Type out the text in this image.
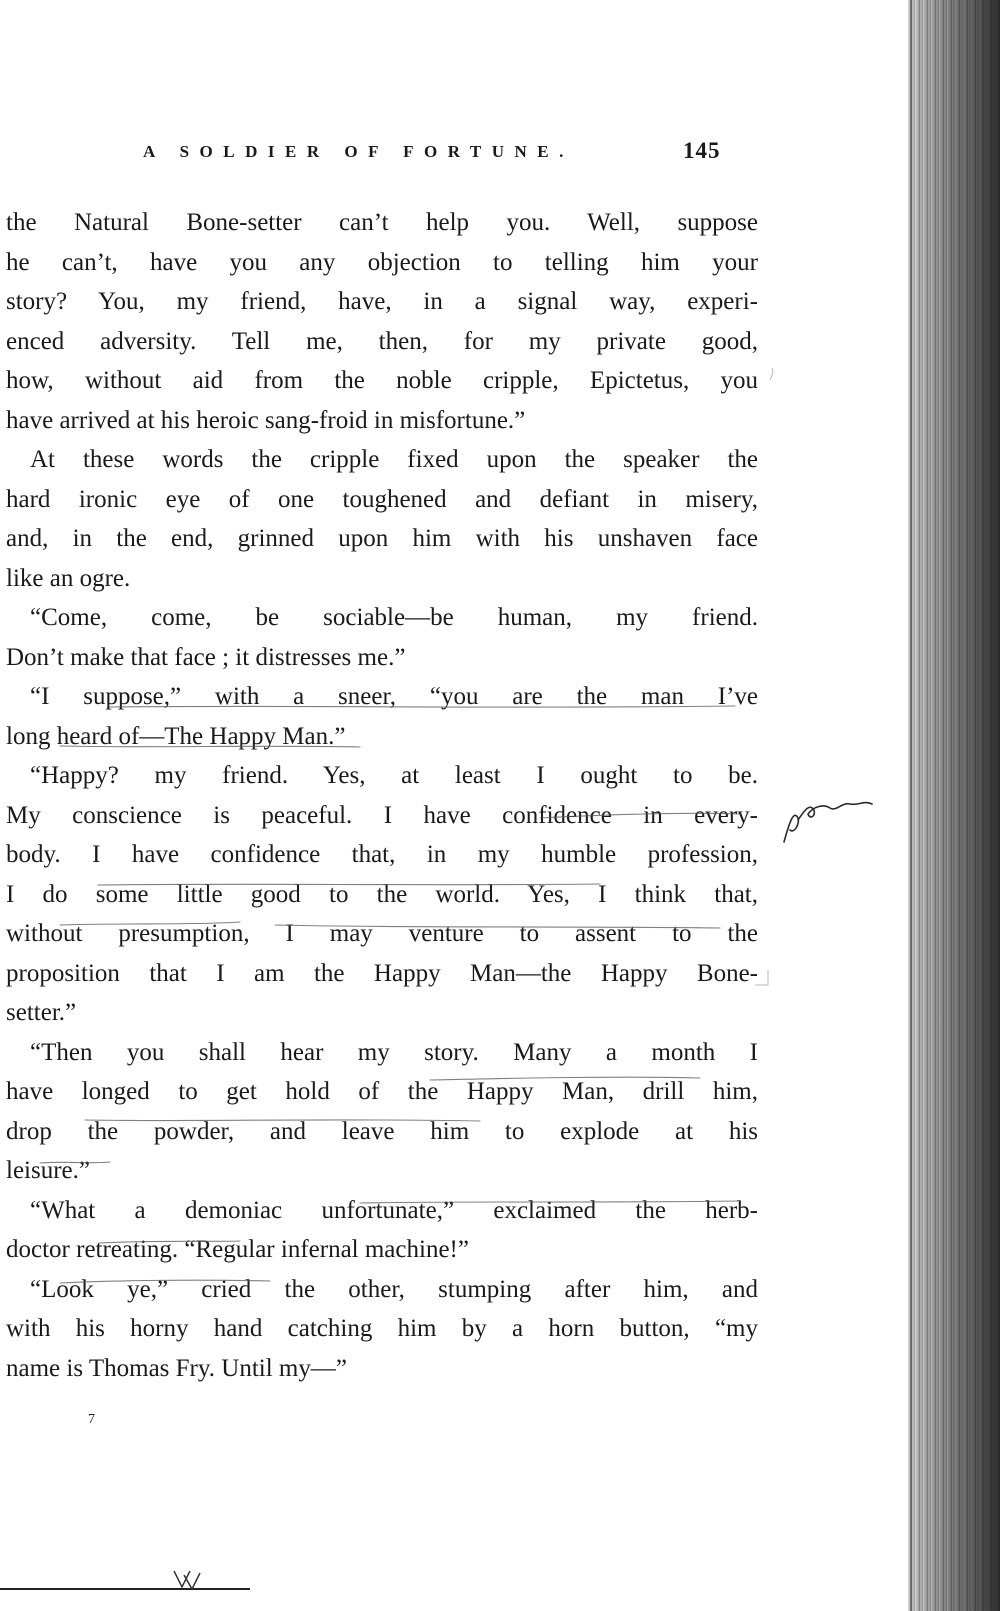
A SOLDIER OF FORTUNE.	145
the Natural Bone-setter can’t help you. Well, suppose
he can’t, have you any objection to telling him your
story? You, my friend, have, in a signal way, experi-
enced adversity. Tell me, then, for my private good,
how, without aid from the noble cripple, Epictetus, you
have arrived at his heroic sang-froid in misfortune.”
At these words the cripple fixed upon the speaker the
hard ironic eye of one toughened and defiant in misery,
and, in the end, grinned upon him with his unshaven face
like an ogre.
“Come, come, be sociable—be human, my friend.
Don’t make that face ; it distresses me.”
“I suppose,” with a sneer, “you are the man I’ve
long heard of—The Happy Man.”
“Happy? my friend. Yes, at least I ought to be.
My conscience is peaceful. I have confidence in every-
body. I have confidence that, in my humble profession,
I do some little good to the world. Yes, I think that,
without presumption, I may venture to assent to the
proposition that I am the Happy Man—the Happy Bone-
setter.”
“Then you shall hear my story. Many a month I
have longed to get hold of the Happy Man, drill him,
drop the powder, and leave him to explode at his
leisure.”
“What a demoniac unfortunate,” exclaimed the herb-
doctor retreating. “Regular infernal machine!”
“Look ye,” cried the other, stumping after him, and
with his horny hand catching him by a horn button, “my
name is Thomas Fry. Until my—”
7
